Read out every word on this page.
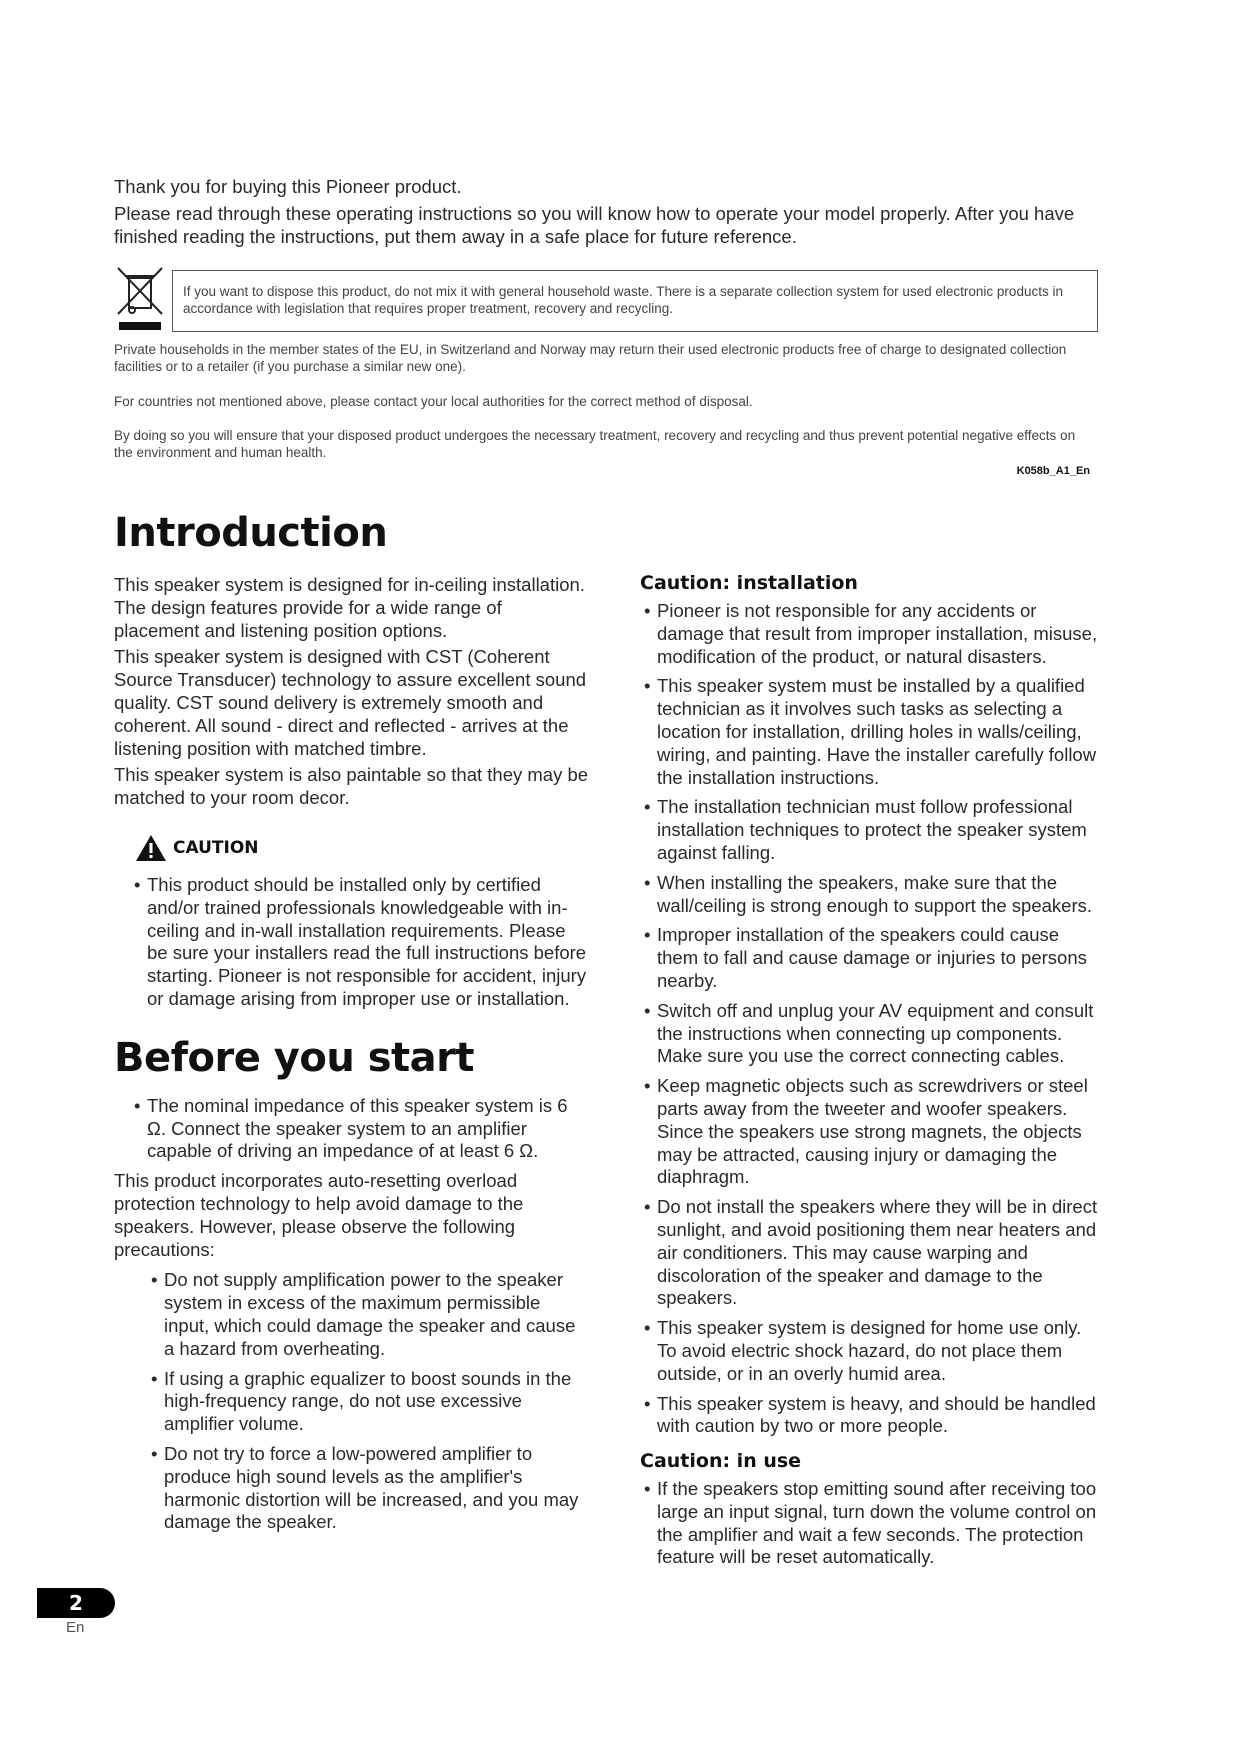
Thank you for buying this Pioneer product.

Please read through these operating instructions so you will know how to operate your model properly. After you have finished reading the instructions, put them away in a safe place for future reference.

If you want to dispose this product, do not mix it with general household waste. There is a separate collection system for used electronic products in accordance with legislation that requires proper treatment, recovery and recycling.
Private households in the member states of the EU, in Switzerland and Norway may return their used electronic products free of charge to designated collection facilities or to a retailer (if you purchase a similar new one).
For countries not mentioned above, please contact your local authorities for the correct method of disposal.
By doing so you will ensure that your disposed product undergoes the necessary treatment, recovery and recycling and thus prevent potential negative effects on the environment and human health.
K058b_A1_En
Introduction

This speaker system is designed for in-ceiling installation. The design features provide for a wide range of placement and listening position options.

This speaker system is designed with CST (Coherent Source Transducer) technology to assure excellent sound quality. CST sound delivery is extremely smooth and coherent. All sound - direct and reflected - arrives at the listening position with matched timbre.

This speaker system is also paintable so that they may be matched to your room decor.

CAUTION
• This product should be installed only by certified and/or trained professionals knowledgeable with in-ceiling and in-wall installation requirements. Please be sure your installers read the full instructions before starting. Pioneer is not responsible for accident, injury or damage arising from improper use or installation.
Before you start
• The nominal impedance of this speaker system is 6 Ω. Connect the speaker system to an amplifier capable of driving an impedance of at least 6 Ω.

This product incorporates auto-resetting overload protection technology to help avoid damage to the speakers. However, please observe the following precautions:

• Do not supply amplification power to the speaker system in excess of the maximum permissible input, which could damage the speaker and cause a hazard from overheating.
• If using a graphic equalizer to boost sounds in the high-frequency range, do not use excessive amplifier volume.
• Do not try to force a low-powered amplifier to produce high sound levels as the amplifier's harmonic distortion will be increased, and you may damage the speaker.
Caution: installation
• Pioneer is not responsible for any accidents or damage that result from improper installation, misuse, modification of the product, or natural disasters.
• This speaker system must be installed by a qualified technician as it involves such tasks as selecting a location for installation, drilling holes in walls/ceiling, wiring, and painting. Have the installer carefully follow the installation instructions.
• The installation technician must follow professional installation techniques to protect the speaker system against falling.
• When installing the speakers, make sure that the wall/ceiling is strong enough to support the speakers.
• Improper installation of the speakers could cause them to fall and cause damage or injuries to persons nearby.
• Switch off and unplug your AV equipment and consult the instructions when connecting up components. Make sure you use the correct connecting cables.
• Keep magnetic objects such as screwdrivers or steel parts away from the tweeter and woofer speakers. Since the speakers use strong magnets, the objects may be attracted, causing injury or damaging the diaphragm.
• Do not install the speakers where they will be in direct sunlight, and avoid positioning them near heaters and air conditioners. This may cause warping and discoloration of the speaker and damage to the speakers.
• This speaker system is designed for home use only. To avoid electric shock hazard, do not place them outside, or in an overly humid area.
• This speaker system is heavy, and should be handled with caution by two or more people.
Caution: in use
• If the speakers stop emitting sound after receiving too large an input signal, turn down the volume control on the amplifier and wait a few seconds. The protection feature will be reset automatically.
2
En
